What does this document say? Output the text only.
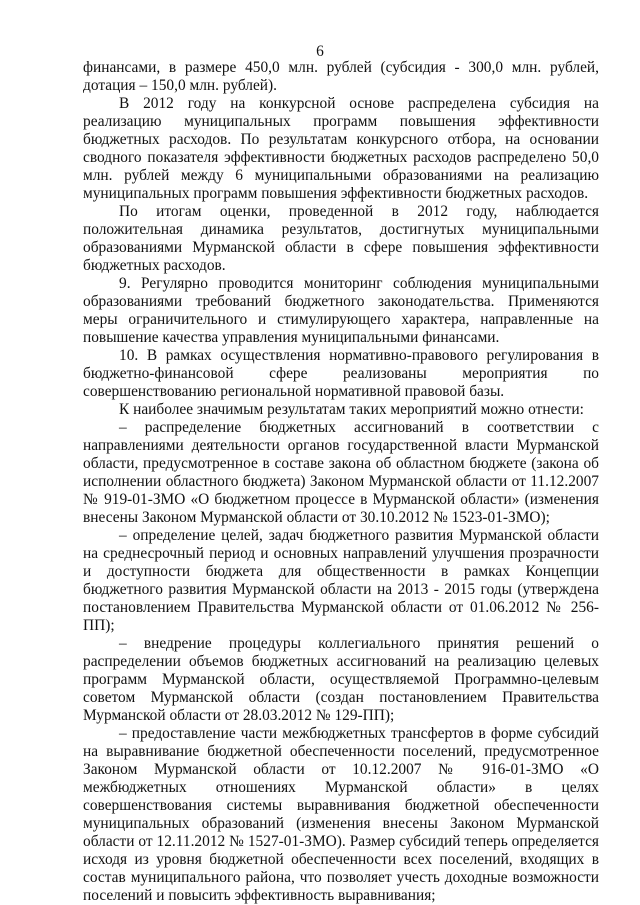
6

финансами, в размере 450,0 млн. рублей (субсидия - 300,0 млн. рублей, дотация – 150,0 млн. рублей).

В 2012 году на конкурсной основе распределена субсидия на реализацию муниципальных программ повышения эффективности бюджетных расходов. По результатам конкурсного отбора, на основании сводного показателя эффективности бюджетных расходов распределено 50,0 млн. рублей между 6 муниципальными образованиями на реализацию муниципальных программ повышения эффективности бюджетных расходов.

По итогам оценки, проведенной в 2012 году, наблюдается положительная динамика результатов, достигнутых муниципальными образованиями Мурманской области в сфере повышения эффективности бюджетных расходов.

9. Регулярно проводится мониторинг соблюдения муниципальными образованиями требований бюджетного законодательства. Применяются меры ограничительного и стимулирующего характера, направленные на повышение качества управления муниципальными финансами.

10. В рамках осуществления нормативно-правового регулирования в бюджетно-финансовой сфере реализованы мероприятия по совершенствованию региональной нормативной правовой базы.

К наиболее значимым результатам таких мероприятий можно отнести:

– распределение бюджетных ассигнований в соответствии с направлениями деятельности органов государственной власти Мурманской области, предусмотренное в составе закона об областном бюджете (закона об исполнении областного бюджета) Законом Мурманской области от 11.12.2007 № 919-01-ЗМО «О бюджетном процессе в Мурманской области» (изменения внесены Законом Мурманской области от 30.10.2012 № 1523-01-ЗМО);

– определение целей, задач бюджетного развития Мурманской области на среднесрочный период и основных направлений улучшения прозрачности и доступности бюджета для общественности в рамках Концепции бюджетного развития Мурманской области на 2013 - 2015 годы (утверждена постановлением Правительства Мурманской области от 01.06.2012 № 256-ПП);

– внедрение процедуры коллегиального принятия решений о распределении объемов бюджетных ассигнований на реализацию целевых программ Мурманской области, осуществляемой Программно-целевым советом Мурманской области (создан постановлением Правительства Мурманской области от 28.03.2012 № 129-ПП);

– предоставление части межбюджетных трансфертов в форме субсидий на выравнивание бюджетной обеспеченности поселений, предусмотренное Законом Мурманской области от 10.12.2007 № 916-01-ЗМО «О межбюджетных отношениях Мурманской области» в целях совершенствования системы выравнивания бюджетной обеспеченности муниципальных образований (изменения внесены Законом Мурманской области от 12.11.2012 № 1527-01-ЗМО). Размер субсидий теперь определяется исходя из уровня бюджетной обеспеченности всех поселений, входящих в состав муниципального района, что позволяет учесть доходные возможности поселений и повысить эффективность выравнивания;
